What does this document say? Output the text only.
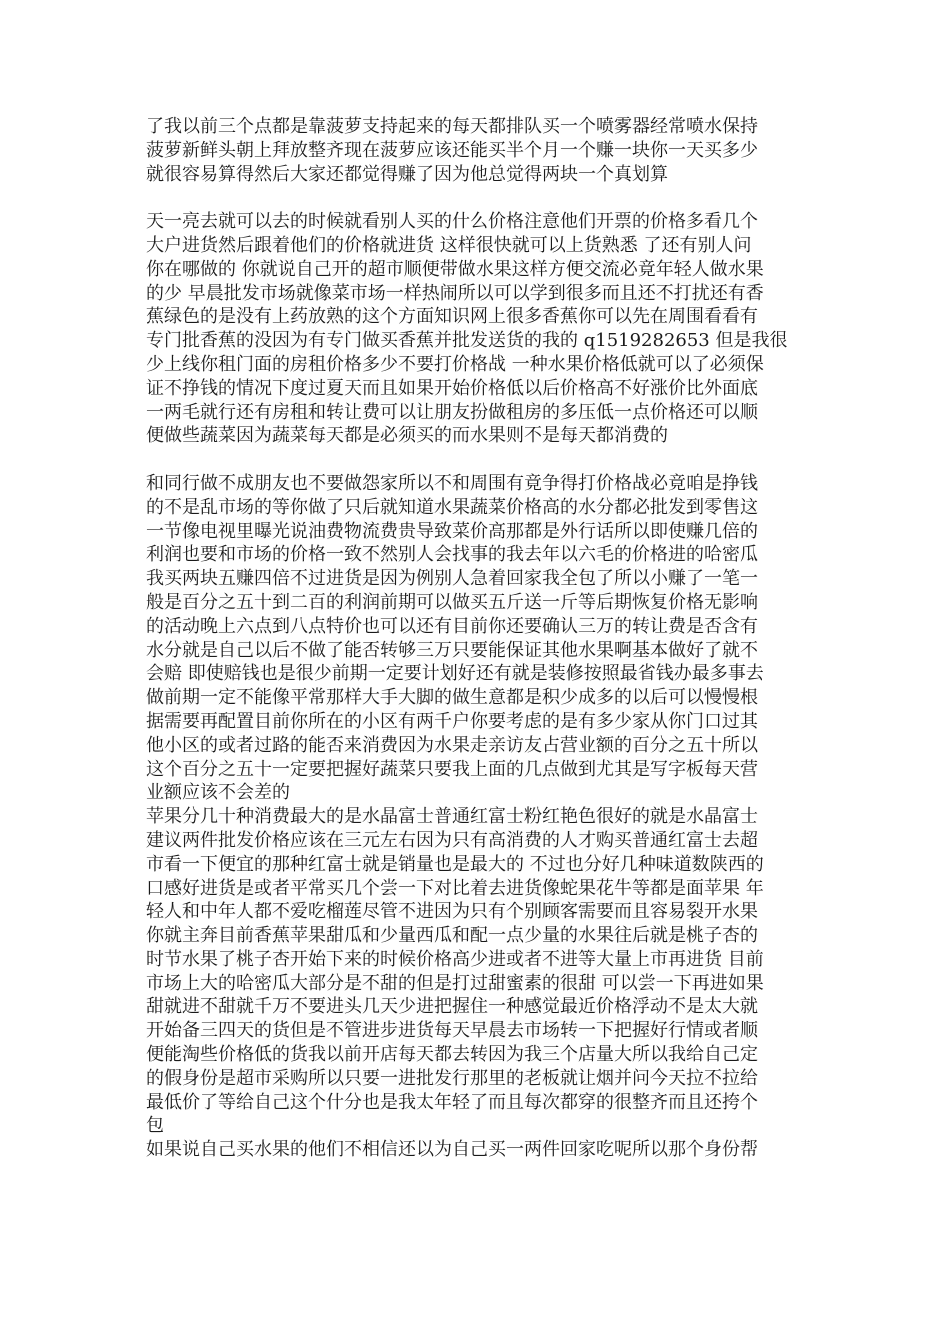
了我以前三个点都是靠菠萝支持起来的每天都排队买一个喷雾器经常喷水保持
菠萝新鲜头朝上拜放整齐现在菠萝应该还能买半个月一个赚一块你一天买多少
就很容易算得然后大家还都觉得赚了因为他总觉得两块一个真划算
天一亮去就可以去的时候就看别人买的什么价格注意他们开票的价格多看几个
大户进货然后跟着他们的价格就进货 这样很快就可以上货熟悉 了还有别人问
你在哪做的 你就说自己开的超市顺便带做水果这样方便交流必竟年轻人做水果
的少 早晨批发市场就像菜市场一样热闹所以可以学到很多而且还不打扰还有香
蕉绿色的是没有上药放熟的这个方面知识网上很多香蕉你可以先在周围看看有
专门批香蕉的没因为有专门做买香蕉并批发送货的我的 q1519282653 但是我很
少上线你租门面的房租价格多少不要打价格战 一种水果价格低就可以了必须保
证不挣钱的情况下度过夏天而且如果开始价格低以后价格高不好涨价比外面底
一两毛就行还有房租和转让费可以让朋友扮做租房的多压低一点价格还可以顺
便做些蔬菜因为蔬菜每天都是必须买的而水果则不是每天都消费的
和同行做不成朋友也不要做怨家所以不和周围有竟争得打价格战必竟咱是挣钱
的不是乱市场的等你做了只后就知道水果蔬菜价格高的水分都必批发到零售这
一节像电视里曝光说油费物流费贵导致菜价高那都是外行话所以即使赚几倍的
利润也要和市场的价格一致不然别人会找事的我去年以六毛的价格进的哈密瓜
我买两块五赚四倍不过进货是因为例别人急着回家我全包了所以小赚了一笔一
般是百分之五十到二百的利润前期可以做买五斤送一斤等后期恢复价格无影响
的活动晚上六点到八点特价也可以还有目前你还要确认三万的转让费是否含有
水分就是自己以后不做了能否转够三万只要能保证其他水果啊基本做好了就不
会赔 即使赔钱也是很少前期一定要计划好还有就是装修按照最省钱办最多事去
做前期一定不能像平常那样大手大脚的做生意都是积少成多的以后可以慢慢根
据需要再配置目前你所在的小区有两千户你要考虑的是有多少家从你门口过其
他小区的或者过路的能否来消费因为水果走亲访友占营业额的百分之五十所以
这个百分之五十一定要把握好蔬菜只要我上面的几点做到尤其是写字板每天营
业额应该不会差的
苹果分几十种消费最大的是水晶富士普通红富士粉红艳色很好的就是水晶富士
建议两件批发价格应该在三元左右因为只有高消费的人才购买普通红富士去超
市看一下便宜的那种红富士就是销量也是最大的 不过也分好几种味道数陕西的
口感好进货是或者平常买几个尝一下对比着去进货像蛇果花牛等都是面苹果 年
轻人和中年人都不爱吃榴莲尽管不进因为只有个别顾客需要而且容易裂开水果
你就主奔目前香蕉苹果甜瓜和少量西瓜和配一点少量的水果往后就是桃子杏的
时节水果了桃子杏开始下来的时候价格高少进或者不进等大量上市再进货 目前
市场上大的哈密瓜大部分是不甜的但是打过甜蜜素的很甜 可以尝一下再进如果
甜就进不甜就千万不要进头几天少进把握住一种感觉最近价格浮动不是太大就
开始备三四天的货但是不管进步进货每天早晨去市场转一下把握好行情或者顺
便能淘些价格低的货我以前开店每天都去转因为我三个店量大所以我给自己定
的假身份是超市采购所以只要一进批发行那里的老板就让烟并问今天拉不拉给
最低价了等给自己这个什分也是我太年轻了而且每次都穿的很整齐而且还挎个
包
如果说自己买水果的他们不相信还以为自己买一两件回家吃呢所以那个身份帮
